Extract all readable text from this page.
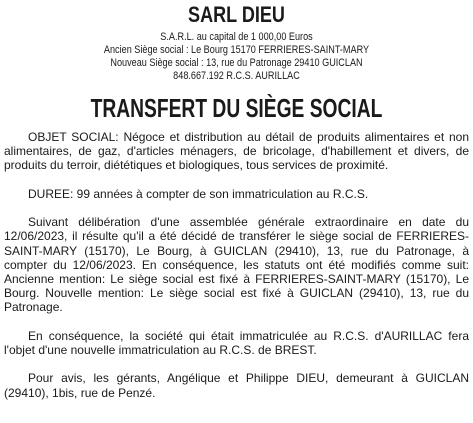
SARL DIEU

S.A.R.L. au capital de 1 000,00 Euros

Ancien Siège social : Le Bourg 15170 FERRIERES-SAINT-MARY

Nouveau Siège social : 13, rue du Patronage 29410 GUICLAN

848.667.192 R.C.S. AURILLAC

TRANSFERT DU SIÈGE SOCIAL

OBJET SOCIAL: Négoce et distribution au détail de produits alimentaires et non alimentaires, de gaz, d'articles ménagers, de bricolage, d'habillement et divers, de produits du terroir, diététiques et biologiques, tous services de proximité.

DUREE: 99 années à compter de son immatriculation au R.C.S.

Suivant délibération d'une assemblée générale extraordinaire en date du 12/06/2023, il résulte qu'il a été décidé de transférer le siège social de FERRIERES-SAINT-MARY (15170), Le Bourg, à GUICLAN (29410), 13, rue du Patronage, à compter du 12/06/2023. En conséquence, les statuts ont été modifiés comme suit: Ancienne mention: Le siège social est fixé à FERRIERES-SAINT-MARY (15170), Le Bourg. Nouvelle mention: Le siège social est fixé à GUICLAN (29410), 13, rue du Patronage.

En conséquence, la société qui était immatriculée au R.C.S. d'AURILLAC fera l'objet d'une nouvelle immatriculation au R.C.S. de BREST.

Pour avis, les gérants, Angélique et Philippe DIEU, demeurant à GUICLAN (29410), 1bis, rue de Penzé.
